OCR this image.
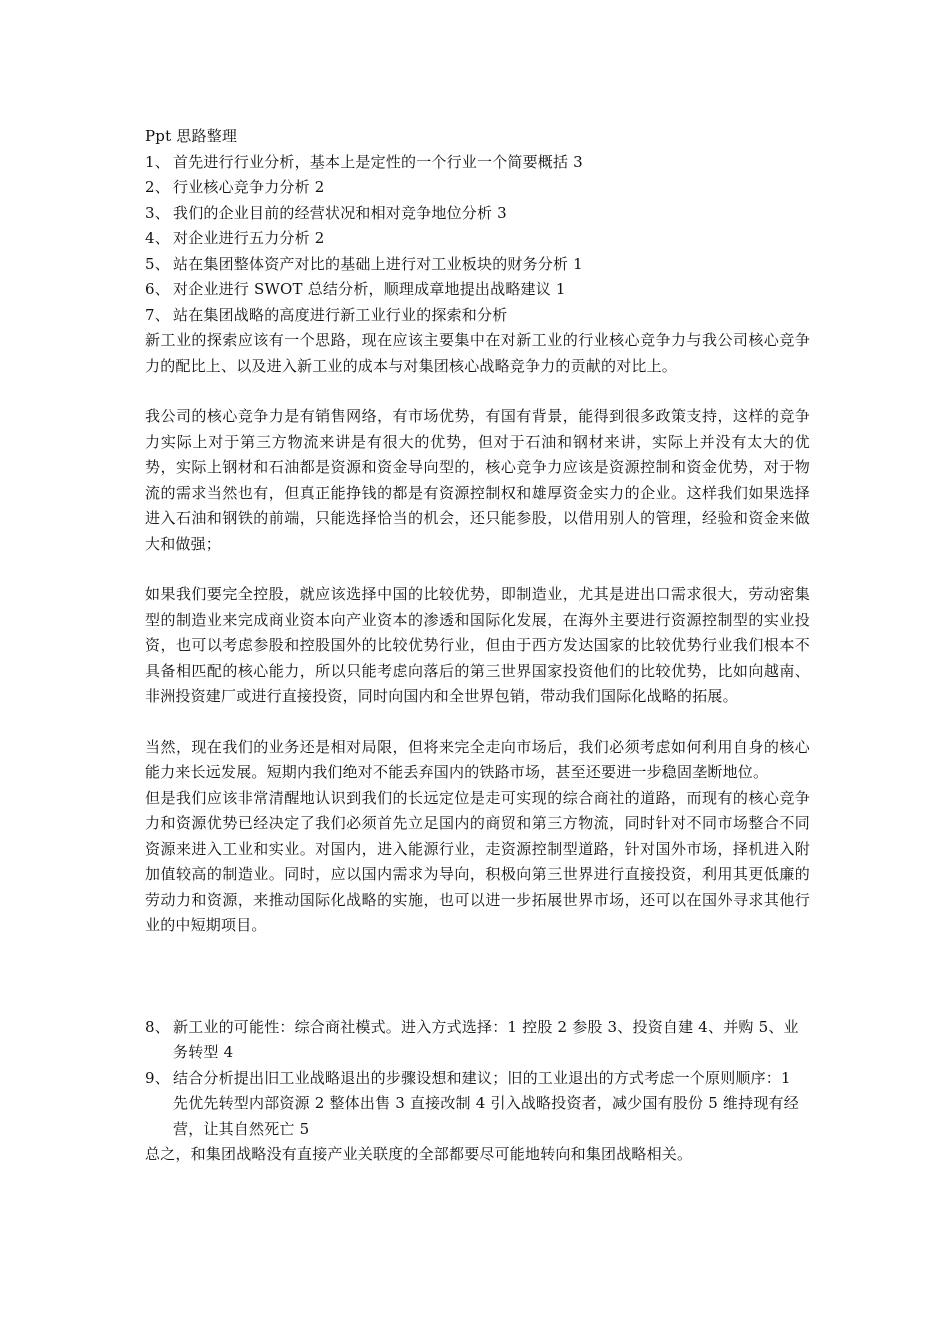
Ppt 思路整理

1、 首先进行行业分析，基本上是定性的一个行业一个简要概括 3
2、 行业核心竞争力分析 2
3、 我们的企业目前的经营状况和相对竞争地位分析 3
4、 对企业进行五力分析 2
5、 站在集团整体资产对比的基础上进行对工业板块的财务分析 1
6、 对企业进行 SWOT 总结分析，顺理成章地提出战略建议 1
7、 站在集团战略的高度进行新工业行业的探索和分析

新工业的探索应该有一个思路，现在应该主要集中在对新工业的行业核心竞争力与我公司核心竞争力的配比上、以及进入新工业的成本与对集团核心战略竞争力的贡献的对比上。

我公司的核心竞争力是有销售网络，有市场优势，有国有背景，能得到很多政策支持，这样的竞争力实际上对于第三方物流来讲是有很大的优势，但对于石油和钢材来讲，实际上并没有太大的优势，实际上钢材和石油都是资源和资金导向型的，核心竞争力应该是资源控制和资金优势，对于物流的需求当然也有，但真正能挣钱的都是有资源控制权和雄厚资金实力的企业。这样我们如果选择进入石油和钢铁的前端，只能选择恰当的机会，还只能参股，以借用别人的管理，经验和资金来做大和做强；

如果我们要完全控股，就应该选择中国的比较优势，即制造业，尤其是进出口需求很大，劳动密集型的制造业来完成商业资本向产业资本的渗透和国际化发展，在海外主要进行资源控制型的实业投资，也可以考虑参股和控股国外的比较优势行业，但由于西方发达国家的比较优势行业我们根本不具备相匹配的核心能力，所以只能考虑向落后的第三世界国家投资他们的比较优势，比如向越南、非洲投资建厂或进行直接投资，同时向国内和全世界包销，带动我们国际化战略的拓展。

当然，现在我们的业务还是相对局限，但将来完全走向市场后，我们必须考虑如何利用自身的核心能力来长远发展。短期内我们绝对不能丢弃国内的铁路市场，甚至还要进一步稳固垄断地位。

但是我们应该非常清醒地认识到我们的长远定位是走可实现的综合商社的道路，而现有的核心竞争力和资源优势已经决定了我们必须首先立足国内的商贸和第三方物流，同时针对不同市场整合不同资源来进入工业和实业。对国内，进入能源行业，走资源控制型道路，针对国外市场，择机进入附加值较高的制造业。同时，应以国内需求为导向，积极向第三世界进行直接投资，利用其更低廉的劳动力和资源，来推动国际化战略的实施，也可以进一步拓展世界市场，还可以在国外寻求其他行业的中短期项目。

8、 新工业的可能性：综合商社模式。进入方式选择：1 控股 2 参股 3、投资自建 4、并购 5、业务转型 4
9、 结合分析提出旧工业战略退出的步骤设想和建议；旧的工业退出的方式考虑一个原则顺序：1 先优先转型内部资源 2 整体出售 3 直接改制 4 引入战略投资者，减少国有股份 5 维持现有经营，让其自然死亡 5

总之，和集团战略没有直接产业关联度的全部都要尽可能地转向和集团战略相关。
